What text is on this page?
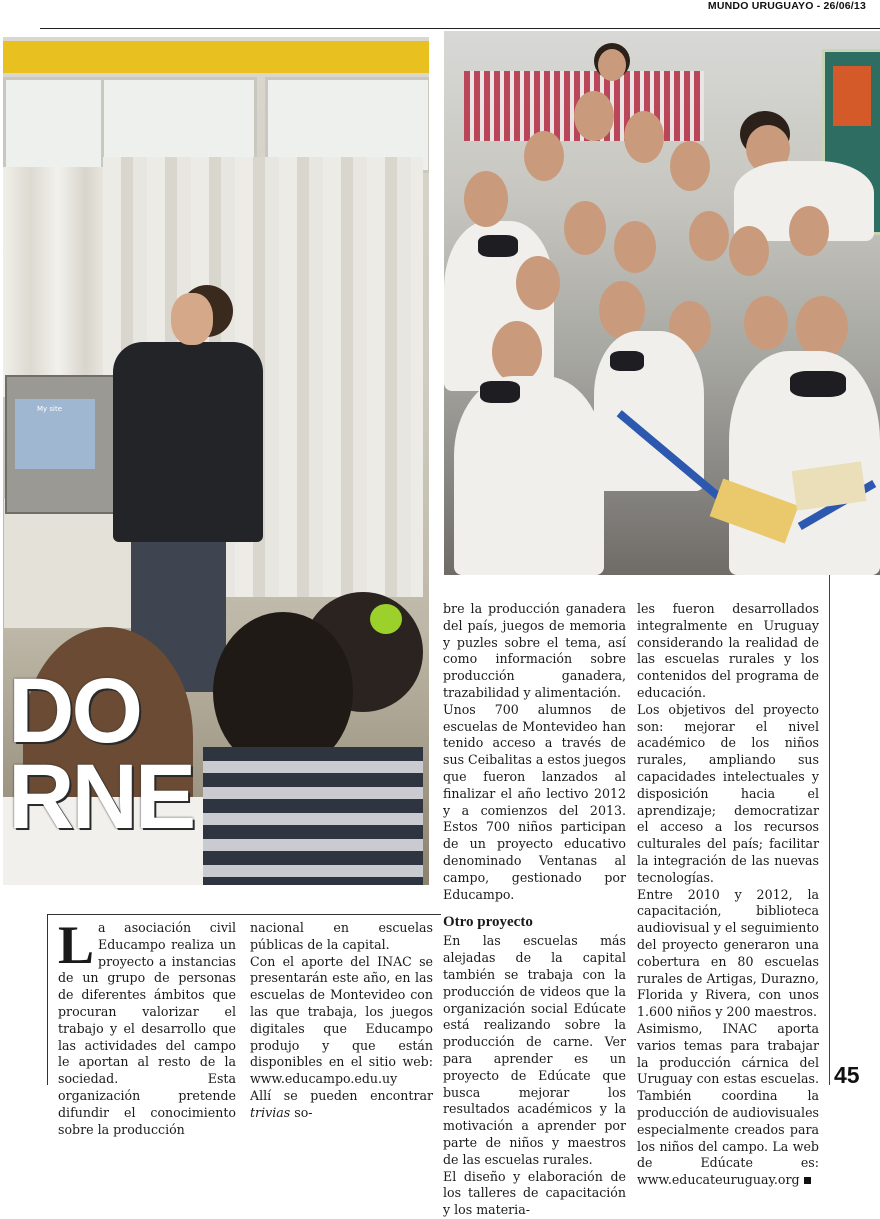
MUNDO URUGUAYO - 26/06/13
My site
DO
RNE

La asociación civil Educampo realiza un proyecto a instancias de un grupo de personas de diferentes ámbitos que procuran valorizar el trabajo y el desarrollo que las actividades del campo le aportan al resto de la sociedad. Esta organización pretende difundir el conocimiento sobre la producción

nacional en escuelas públicas de la capital.

Con el aporte del INAC se presentarán este año, en las escuelas de Montevideo con las que trabaja, los juegos digitales que Educampo produjo y que están disponibles en el sitio web: www.educampo.edu.uy

Allí se pueden encontrar trivias so-

bre la producción ganadera del país, juegos de memoria y puzles sobre el tema, así como información sobre producción ganadera, trazabilidad y alimentación.

Unos 700 alumnos de escuelas de Montevideo han tenido acceso a través de sus Ceibalitas a estos juegos que fueron lanzados al finalizar el año lectivo 2012 y a comienzos del 2013. Estos 700 niños participan de un proyecto educativo denominado Ventanas al campo, gestionado por Educampo.

Otro proyecto

En las escuelas más alejadas de la capital también se trabaja con la producción de videos que la organización social Edúcate está realizando sobre la producción de carne. Ver para aprender es un proyecto de Edúcate que busca mejorar los resultados académicos y la motivación a aprender por parte de niños y maestros de las escuelas rurales.

El diseño y elaboración de los talleres de capacitación y los materia-

les fueron desarrollados integralmente en Uruguay considerando la realidad de las escuelas rurales y los contenidos del programa de educación.

Los objetivos del proyecto son: mejorar el nivel académico de los niños rurales, ampliando sus capacidades intelectuales y disposición hacia el aprendizaje; democratizar el acceso a los recursos culturales del país; facilitar la integración de las nuevas tecnologías.

Entre 2010 y 2012, la capacitación, biblioteca audiovisual y el seguimiento del proyecto generaron una cobertura en 80 escuelas rurales de Artigas, Durazno, Florida y Rivera, con unos 1.600 niños y 200 maestros.

Asimismo, INAC aporta varios temas para trabajar la producción cárnica del Uruguay con estas escuelas. También coordina la producción de audiovisuales especialmente creados para los niños del campo. La web de Edúcate es: www.educateuruguay.org

45
